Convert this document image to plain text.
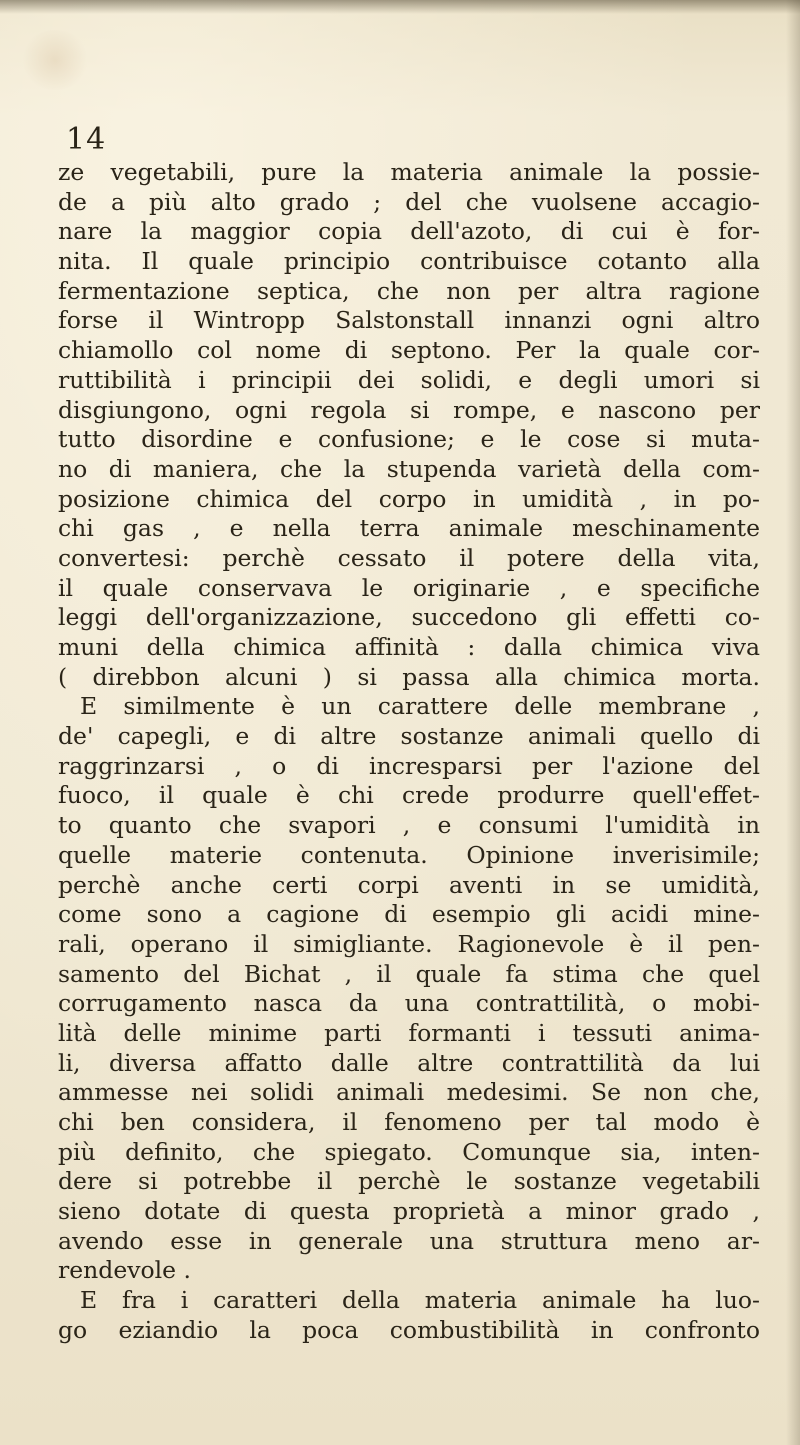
14
ze vegetabili, pure la materia animale la possie-
de a più alto grado ; del che vuolsene accagio-
nare la maggior copia dell'azoto, di cui è for-
nita. Il quale principio contribuisce cotanto alla
fermentazione septica, che non per altra ragione
forse il Wintropp Salstonstall innanzi ogni altro
chiamollo col nome di septono. Per la quale cor-
ruttibilità i principii dei solidi, e degli umori si
disgiungono, ogni regola si rompe, e nascono per
tutto disordine e confusione; e le cose si muta-
no di maniera, che la stupenda varietà della com-
posizione chimica del corpo in umidità , in po-
chi gas , e nella terra animale meschinamente
convertesi: perchè cessato il potere della vita,
il quale conservava le originarie , e specifiche
leggi dell'organizzazione, succedono gli effetti co-
muni della chimica affinità : dalla chimica viva
( direbbon alcuni ) si passa alla chimica morta.
E similmente è un carattere delle membrane ,
de' capegli, e di altre sostanze animali quello di
raggrinzarsi , o di incresparsi per l'azione del
fuoco, il quale è chi crede produrre quell'effet-
to quanto che svapori , e consumi l'umidità in
quelle materie contenuta. Opinione inverisimile;
perchè anche certi corpi aventi in se umidità,
come sono a cagione di esempio gli acidi mine-
rali, operano il simigliante. Ragionevole è il pen-
samento del Bichat , il quale fa stima che quel
corrugamento nasca da una contrattilità, o mobi-
lità delle minime parti formanti i tessuti anima-
li, diversa affatto dalle altre contrattilità da lui
ammesse nei solidi animali medesimi. Se non che,
chi ben considera, il fenomeno per tal modo è
più definito, che spiegato. Comunque sia, inten-
dere si potrebbe il perchè le sostanze vegetabili
sieno dotate di questa proprietà a minor grado ,
avendo esse in generale una struttura meno ar-
rendevole .
E fra i caratteri della materia animale ha luo-
go eziandio la poca combustibilità in confronto
